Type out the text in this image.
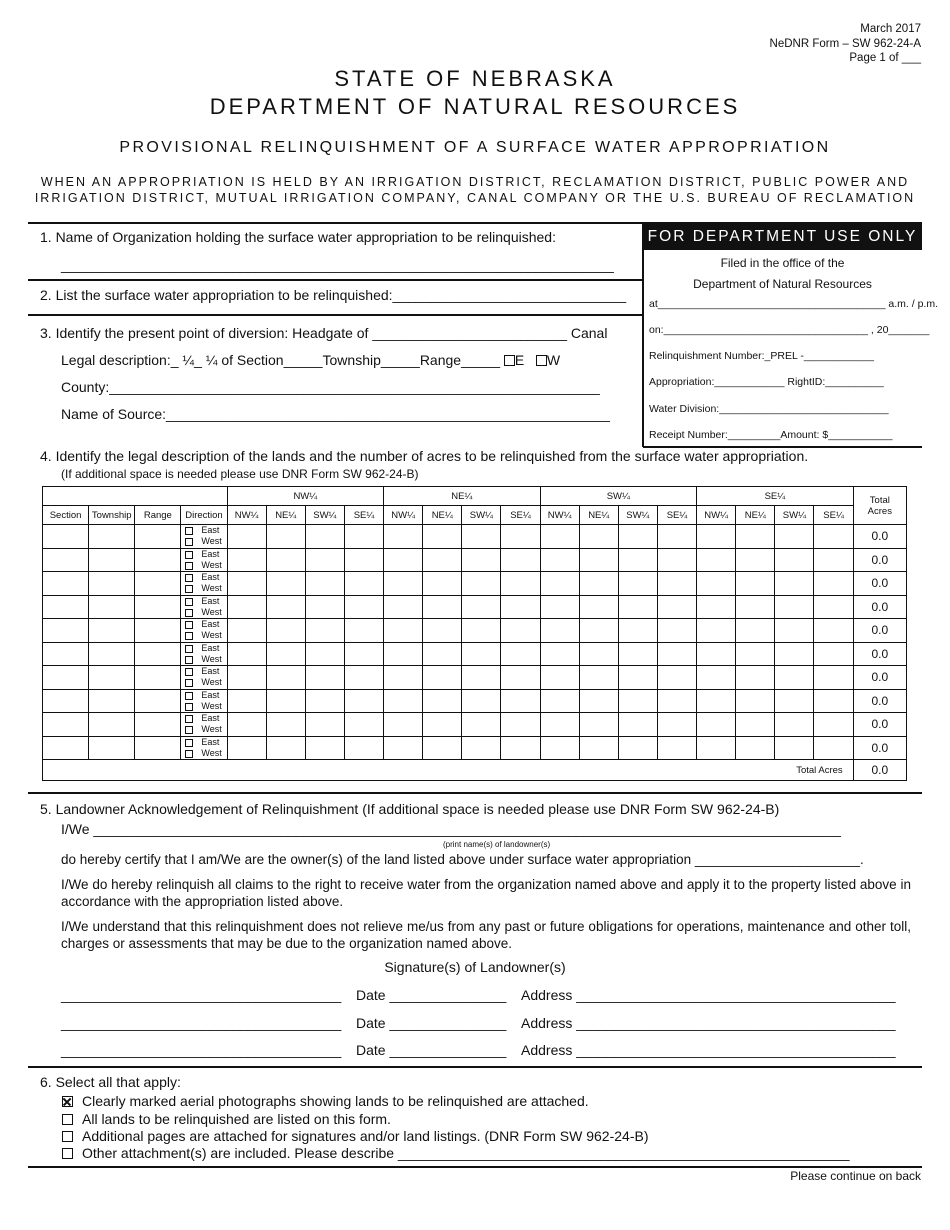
March 2017
NeDNR Form – SW 962-24-A
Page 1 of ___
STATE OF NEBRASKA
DEPARTMENT OF NATURAL RESOURCES
PROVISIONAL RELINQUISHMENT OF A SURFACE WATER APPROPRIATION
WHEN AN APPROPRIATION IS HELD BY AN IRRIGATION DISTRICT, RECLAMATION DISTRICT, PUBLIC POWER AND
IRRIGATION DISTRICT, MUTUAL IRRIGATION COMPANY, CANAL COMPANY OR THE U.S. BUREAU OF RECLAMATION
1. Name of Organization holding the surface water appropriation to be relinquished:
_______________________________________________________________________
2. List the surface water appropriation to be relinquished:______________________________
3. Identify the present point of diversion: Headgate of _________________________ Canal
Legal description:_ ¼_ ¼ of Section_____Township_____Range_____ E W
County:_______________________________________________________________
Name of Source:_________________________________________________________
FOR DEPARTMENT USE ONLY
Filed in the office of the
Department of Natural Resources
at_______________________________________ a.m. / p.m.
on:___________________________________ , 20_______
Relinquishment Number:_PREL -____________
Appropriation:____________ RightID:__________
Water Division:_____________________________
Receipt Number:_________Amount: $___________
4. Identify the legal description of the lands and the number of acres to be relinquished from the surface water appropriation.
(If additional space is needed please use DNR Form SW 962-24-B)
				NW¼				NE¼				SW¼				SE¼				Total
Acres
Section	Township	Range	Direction	NW¼	NE¼	SW¼	SE¼	NW¼	NE¼	SW¼	SE¼	NW¼	NE¼	SW¼	SE¼	NW¼	NE¼	SW¼	SE¼	

			East
West																	0.0

			East
West																	0.0

			East
West																	0.0

			East
West																	0.0

			East
West																	0.0

			East
West																	0.0

			East
West																	0.0

			East
West																	0.0

			East
West																	0.0

			East
West																	0.0
Total Acres																				0.0
5. Landowner Acknowledgement of Relinquishment (If additional space is needed please use DNR Form SW 962-24-B)
I/We ________________________________________________________________________________________________
(print name(s) of landowner(s)
do hereby certify that I am/We are the owner(s) of the land listed above under surface water appropriation ______________________.
I/We do hereby relinquish all claims to the right to receive water from the organization named above and apply it to the property listed above in accordance with the appropriation listed above.
I/We understand that this relinquishment does not relieve me/us from any past or future obligations for operations, maintenance and other toll, charges or assessments that may be due to the organization named above.
Signature(s) of Landowner(s)
____________________________________ Date _______________ Address _________________________________________
____________________________________ Date _______________ Address _________________________________________
____________________________________ Date _______________ Address _________________________________________
6. Select all that apply:
Clearly marked aerial photographs showing lands to be relinquished are attached.
All lands to be relinquished are listed on this form.
Additional pages are attached for signatures and/or land listings. (DNR Form SW 962-24-B)
Other attachment(s) are included. Please describe __________________________________________________________
Please continue on back
